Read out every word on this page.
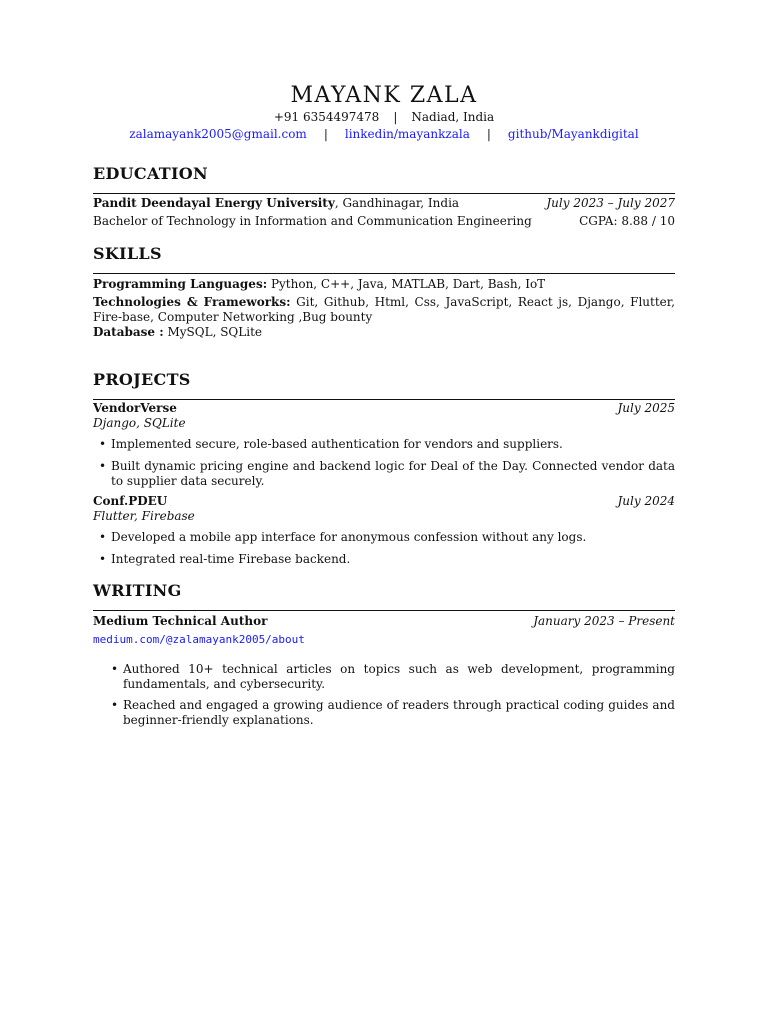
MAYANK ZALA
+91 6354497478 | Nadiad, India
zalamayank2005@gmail.com | linkedin/mayankzala | github/Mayankdigital
EDUCATION
Pandit Deendayal Energy University, Gandhinagar, India	July 2023 – July 2027
Bachelor of Technology in Information and Communication Engineering	CGPA: 8.88 / 10
SKILLS
Programming Languages: Python, C++, Java, MATLAB, Dart, Bash, IoT
Technologies & Frameworks: Git, Github, Html, Css, JavaScript, React js, Django, Flutter, Fire-base, Computer Networking ,Bug bounty
Database : MySQL, SQLite
PROJECTS
VendorVerse	July 2025
Django, SQLite
• Implemented secure, role-based authentication for vendors and suppliers.
• Built dynamic pricing engine and backend logic for Deal of the Day. Connected vendor data to supplier data securely.
Conf.PDEU	July 2024
Flutter, Firebase
• Developed a mobile app interface for anonymous confession without any logs.
• Integrated real-time Firebase backend.
WRITING
Medium Technical Author	January 2023 – Present
medium.com/@zalamayank2005/about
• Authored 10+ technical articles on topics such as web development, programming fundamentals, and cybersecurity.
• Reached and engaged a growing audience of readers through practical coding guides and beginner-friendly explanations.
